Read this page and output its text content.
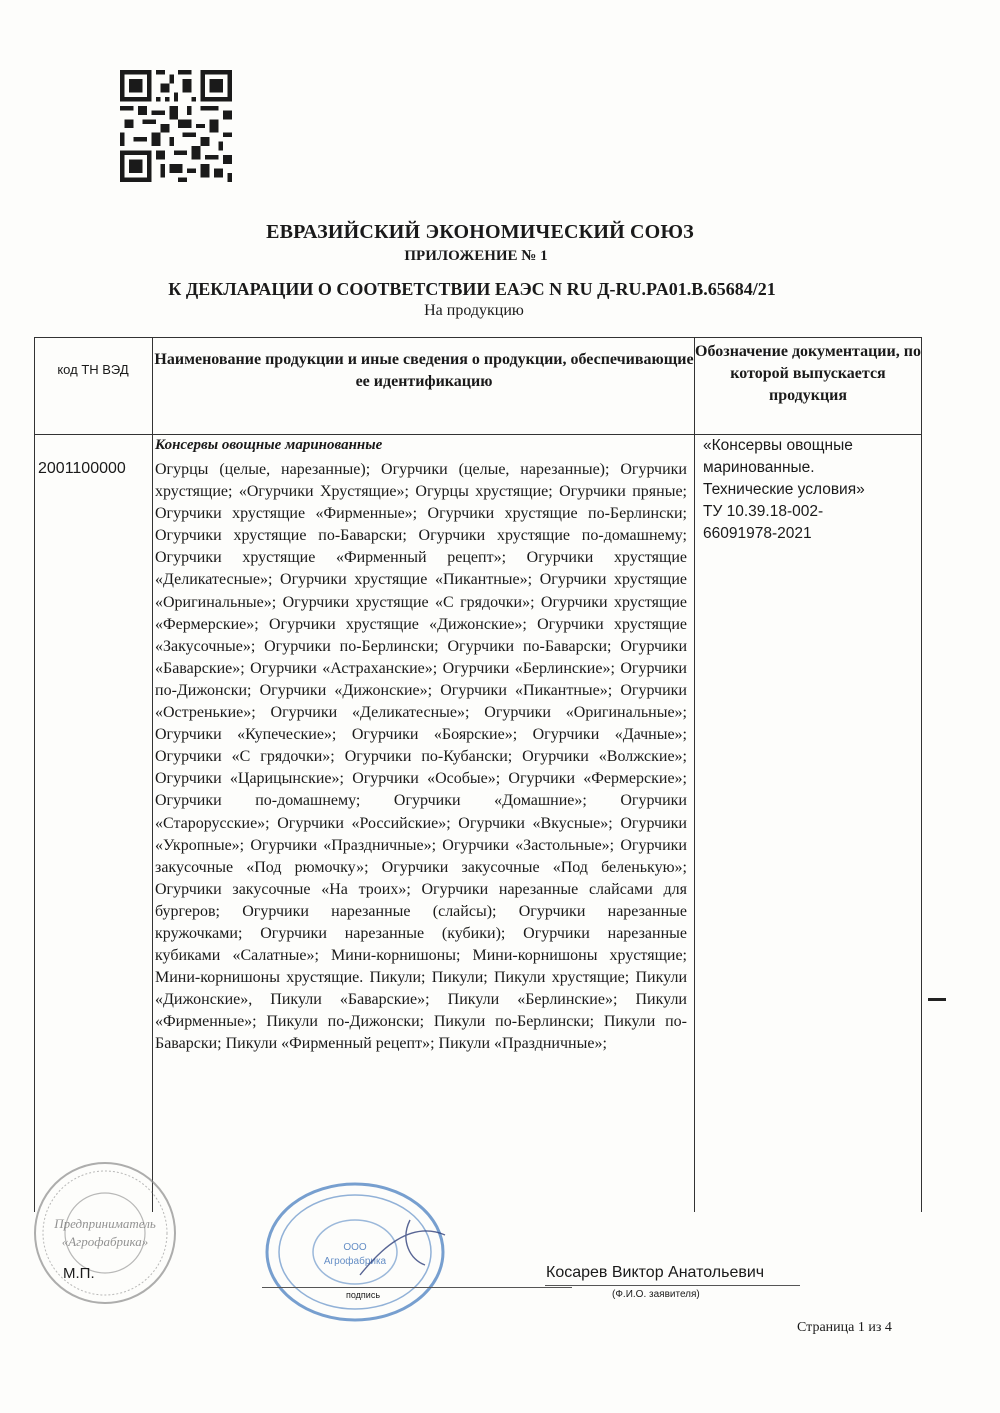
ЕВРАЗИЙСКИЙ ЭКОНОМИЧЕСКИЙ СОЮЗ
ПРИЛОЖЕНИЕ № 1
К ДЕКЛАРАЦИИ О СООТВЕТСТВИИ ЕАЭС N RU Д-RU.PA01.B.65684/21
На продукцию
код ТН ВЭД
Наименование продукции и иные сведения о продукции, обеспечивающие ее идентификацию
Обозначение документации, по которой выпускается продукция
2001100000
Консервы овощные маринованные
Огурцы (целые, нарезанные); Огурчики (целые, нарезанные); Огурчики хрустящие; «Огурчики Хрустящие»; Огурцы хрустящие; Огурчики пряные; Огурчики хрустящие «Фирменные»; Огурчики хрустящие по-Берлински; Огурчики хрустящие по-Баварски; Огурчики хрустящие по-домашнему; Огурчики хрустящие «Фирменный рецепт»; Огурчики хрустящие «Деликатесные»; Огурчики хрустящие «Пикантные»; Огурчики хрустящие «Оригинальные»; Огурчики хрустящие «С грядочки»; Огурчики хрустящие «Фермерские»; Огурчики хрустящие «Дижонские»; Огурчики хрустящие «Закусочные»; Огурчики по-Берлински; Огурчики по-Баварски; Огурчики «Баварские»; Огурчики «Астраханские»; Огурчики «Берлинские»; Огурчики по-Дижонски; Огурчики «Дижонские»; Огурчики «Пикантные»; Огурчики «Остренькие»; Огурчики «Деликатесные»; Огурчики «Оригинальные»; Огурчики «Купеческие»; Огурчики «Боярские»; Огурчики «Дачные»; Огурчики «С грядочки»; Огурчики по-Кубански; Огурчики «Волжские»; Огурчики «Царицынские»; Огурчики «Особые»; Огурчики «Фермерские»; Огурчики по-домашнему; Огурчики «Домашние»; Огурчики «Старорусские»; Огурчики «Российские»; Огурчики «Вкусные»; Огурчики «Укропные»; Огурчики «Праздничные»; Огурчики «Застольные»; Огурчики закусочные «Под рюмочку»; Огурчики закусочные «Под беленькую»; Огурчики закусочные «На троих»; Огурчики нарезанные слайсами для бургеров; Огурчики нарезанные (слайсы); Огурчики нарезанные кружочками; Огурчики нарезанные (кубики); Огурчики нарезанные кубиками «Салатные»; Мини-корнишоны; Мини-корнишоны хрустящие; Мини-корнишоны хрустящие. Пикули; Пикули; Пикули хрустящие; Пикули «Дижонские», Пикули «Баварские»; Пикули «Берлинские»; Пикули «Фирменные»; Пикули по-Дижонски; Пикули по-Берлински; Пикули по-Баварски; Пикули «Фирменный рецепт»; Пикули «Праздничные»;
«Консервы овощные
маринованные.
Технические условия»
ТУ 10.39.18-002-
66091978-2021
Предприниматель
«Агрофабрика»	ООО
Агрофабрика
М.П.
подпись
Косарев Виктор Анатольевич
(Ф.И.О. заявителя)
Страница 1 из 4
